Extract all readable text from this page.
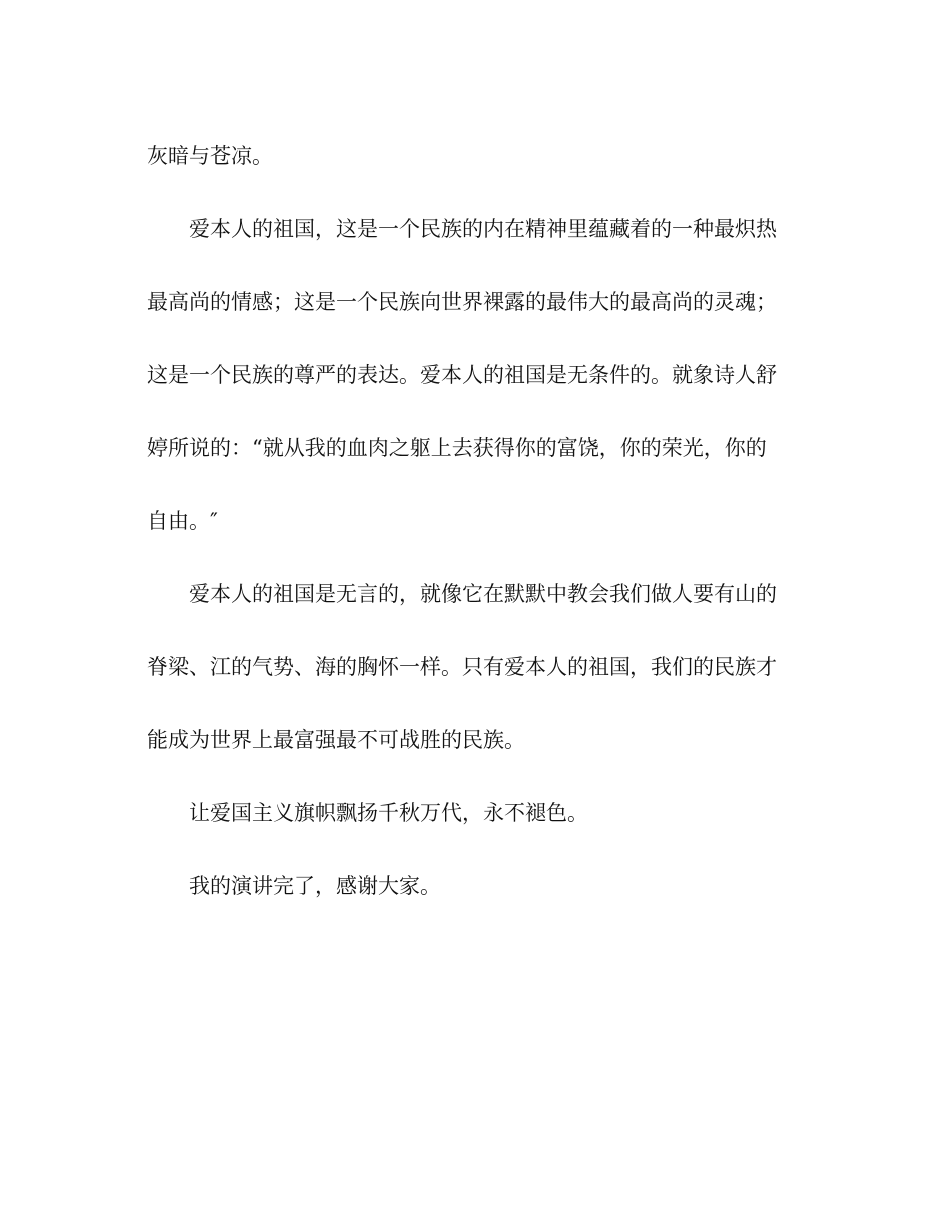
灰暗与苍凉。
爱本人的祖国，这是一个民族的内在精神里蕴藏着的一种最炽热
最高尚的情感；这是一个民族向世界裸露的最伟大的最高尚的灵魂；
这是一个民族的尊严的表达。爱本人的祖国是无条件的。就象诗人舒
婷所说的：“就从我的血肉之躯上去获得你的富饶，你的荣光，你的
自由。″
爱本人的祖国是无言的，就像它在默默中教会我们做人要有山的
脊梁、江的气势、海的胸怀一样。只有爱本人的祖国，我们的民族才
能成为世界上最富强最不可战胜的民族。
让爱国主义旗帜飘扬千秋万代，永不褪色。
我的演讲完了，感谢大家。
